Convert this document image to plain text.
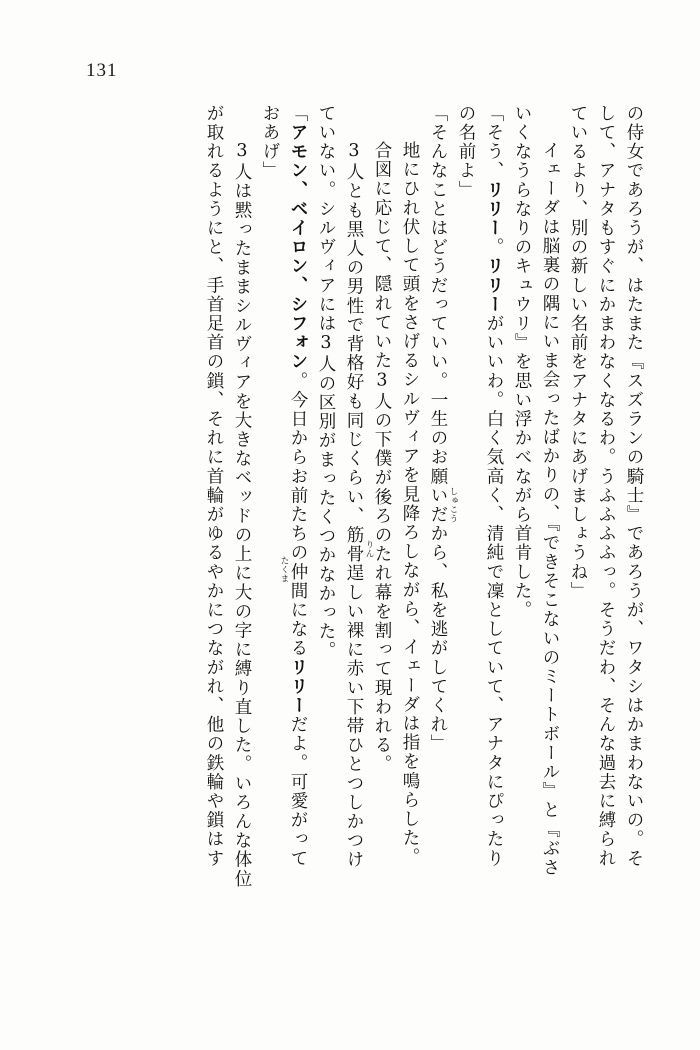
131
の侍女であろうが、はたまた『スズランの騎士』であろうが、ワタシはかまわないの。そ
して、アナタもすぐにかまわなくなるわ。うふふふふっ。そうだわ、そんな過去に縛られ
ているより、別の新しい名前をアナタにあげましょうね」
　イェーダは脳裏の隅にいま会ったばかりの、『できそこないのミートボール』と『ぶさ
いくなうらなりのキュウリ』を思い浮かべながら首肯した。
「そう、リリー。リリーがいいわ。白く気高く、清純で凜としていて、アナタにぴったり
の名前よ」
「そんなことはどうだっていい。一生のお願いだから、私を逃がしてくれ」
　地にひれ伏して頭をさげるシルヴィアを見降ろしながら、イェーダは指を鳴らした。
　合図に応じて、隠れていた3人の下僕が後ろのたれ幕を割って現われる。
　3人とも黒人の男性で背格好も同じくらい、筋骨逞しい裸に赤い下帯ひとつしかつけ
ていない。シルヴィアには3人の区別がまったくつかなかった。
「アモン、ベイロン、シフォン。今日からお前たちの仲間になるリリーだよ。可愛がって
おあげ」
　3人は黙ったままシルヴィアを大きなベッドの上に大の字に縛り直した。いろんな体位
が取れるようにと、手首足首の鎖、それに首輪がゆるやかにつながれ、他の鉄輪や鎖はす	しゅこう
りん
たくま
